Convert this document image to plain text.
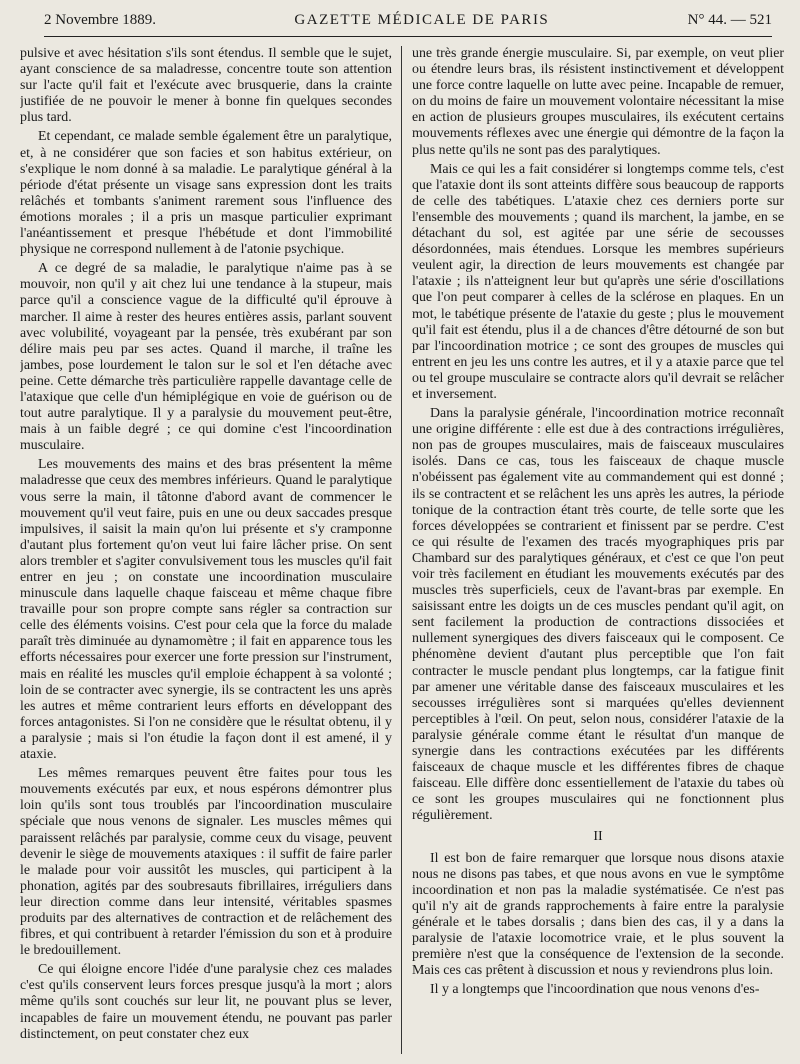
2 Novembre 1889.	GAZETTE MÉDICALE DE PARIS	N° 44. — 521

pulsive et avec hésitation s'ils sont étendus. Il semble que le sujet, ayant conscience de sa maladresse, concentre toute son attention sur l'acte qu'il fait et l'exécute avec brusquerie, dans la crainte justifiée de ne pouvoir le mener à bonne fin quelques secondes plus tard.

Et cependant, ce malade semble également être un paralytique, et, à ne considérer que son facies et son habitus extérieur, on s'explique le nom donné à sa maladie. Le paralytique général à la période d'état présente un visage sans expression dont les traits relâchés et tombants s'animent rarement sous l'influence des émotions morales ; il a pris un masque particulier exprimant l'anéantissement et presque l'hébétude et dont l'immobilité physique ne correspond nullement à de l'atonie psychique.

A ce degré de sa maladie, le paralytique n'aime pas à se mouvoir, non qu'il y ait chez lui une tendance à la stupeur, mais parce qu'il a conscience vague de la difficulté qu'il éprouve à marcher. Il aime à rester des heures entières assis, parlant souvent avec volubilité, voyageant par la pensée, très exubérant par son délire mais peu par ses actes. Quand il marche, il traîne les jambes, pose lourdement le talon sur le sol et l'en détache avec peine. Cette démarche très particulière rappelle davantage celle de l'ataxique que celle d'un hémiplégique en voie de guérison ou de tout autre paralytique. Il y a paralysie du mouvement peut-être, mais à un faible degré ; ce qui domine c'est l'incoordination musculaire.

Les mouvements des mains et des bras présentent la même maladresse que ceux des membres inférieurs. Quand le paralytique vous serre la main, il tâtonne d'abord avant de commencer le mouvement qu'il veut faire, puis en une ou deux saccades presque impulsives, il saisit la main qu'on lui présente et s'y cramponne d'autant plus fortement qu'on veut lui faire lâcher prise. On sent alors trembler et s'agiter convulsivement tous les muscles qu'il fait entrer en jeu ; on constate une incoordination musculaire minuscule dans laquelle chaque faisceau et même chaque fibre travaille pour son propre compte sans régler sa contraction sur celle des éléments voisins. C'est pour cela que la force du malade paraît très diminuée au dynamomètre ; il fait en apparence tous les efforts nécessaires pour exercer une forte pression sur l'instrument, mais en réalité les muscles qu'il emploie échappent à sa volonté ; loin de se contracter avec synergie, ils se contractent les uns après les autres et même contrarient leurs efforts en développant des forces antagonistes. Si l'on ne considère que le résultat obtenu, il y a paralysie ; mais si l'on étudie la façon dont il est amené, il y ataxie.

Les mêmes remarques peuvent être faites pour tous les mouvements exécutés par eux, et nous espérons démontrer plus loin qu'ils sont tous troublés par l'incoordination musculaire spéciale que nous venons de signaler. Les muscles mêmes qui paraissent relâchés par paralysie, comme ceux du visage, peuvent devenir le siège de mouvements ataxiques : il suffit de faire parler le malade pour voir aussitôt les muscles, qui participent à la phonation, agités par des soubresauts fibrillaires, irréguliers dans leur direction comme dans leur intensité, véritables spasmes produits par des alternatives de contraction et de relâchement des fibres, et qui contribuent à retarder l'émission du son et à produire le bredouillement.

Ce qui éloigne encore l'idée d'une paralysie chez ces malades c'est qu'ils conservent leurs forces presque jusqu'à la mort ; alors même qu'ils sont couchés sur leur lit, ne pouvant plus se lever, incapables de faire un mouvement étendu, ne pouvant pas parler distinctement, on peut constater chez eux

une très grande énergie musculaire. Si, par exemple, on veut plier ou étendre leurs bras, ils résistent instinctivement et développent une force contre laquelle on lutte avec peine. Incapable de remuer, on du moins de faire un mouvement volontaire nécessitant la mise en action de plusieurs groupes musculaires, ils exécutent certains mouvements réflexes avec une énergie qui démontre de la façon la plus nette qu'ils ne sont pas des paralytiques.

Mais ce qui les a fait considérer si longtemps comme tels, c'est que l'ataxie dont ils sont atteints diffère sous beaucoup de rapports de celle des tabétiques. L'ataxie chez ces derniers porte sur l'ensemble des mouvements ; quand ils marchent, la jambe, en se détachant du sol, est agitée par une série de secousses désordonnées, mais étendues. Lorsque les membres supérieurs veulent agir, la direction de leurs mouvements est changée par l'ataxie ; ils n'atteignent leur but qu'après une série d'oscillations que l'on peut comparer à celles de la sclérose en plaques. En un mot, le tabétique présente de l'ataxie du geste ; plus le mouvement qu'il fait est étendu, plus il a de chances d'être détourné de son but par l'incoordination motrice ; ce sont des groupes de muscles qui entrent en jeu les uns contre les autres, et il y a ataxie parce que tel ou tel groupe musculaire se contracte alors qu'il devrait se relâcher et inversement.

Dans la paralysie générale, l'incoordination motrice reconnaît une origine différente : elle est due à des contractions irrégulières, non pas de groupes musculaires, mais de faisceaux musculaires isolés. Dans ce cas, tous les faisceaux de chaque muscle n'obéissent pas également vite au commandement qui est donné ; ils se contractent et se relâchent les uns après les autres, la période tonique de la contraction étant très courte, de telle sorte que les forces développées se contrarient et finissent par se perdre. C'est ce qui résulte de l'examen des tracés myographiques pris par Chambard sur des paralytiques généraux, et c'est ce que l'on peut voir très facilement en étudiant les mouvements exécutés par des muscles très superficiels, ceux de l'avant-bras par exemple. En saisissant entre les doigts un de ces muscles pendant qu'il agit, on sent facilement la production de contractions dissociées et nullement synergiques des divers faisceaux qui le composent. Ce phénomène devient d'autant plus perceptible que l'on fait contracter le muscle pendant plus longtemps, car la fatigue finit par amener une véritable danse des faisceaux musculaires et les secousses irrégulières sont si marquées qu'elles deviennent perceptibles à l'œil. On peut, selon nous, considérer l'ataxie de la paralysie générale comme étant le résultat d'un manque de synergie dans les contractions exécutées par les différents faisceaux de chaque muscle et les différentes fibres de chaque faisceau. Elle diffère donc essentiellement de l'ataxie du tabes où ce sont les groupes musculaires qui ne fonctionnent plus régulièrement.

II

Il est bon de faire remarquer que lorsque nous disons ataxie nous ne disons pas tabes, et que nous avons en vue le symptôme incoordination et non pas la maladie systématisée. Ce n'est pas qu'il n'y ait de grands rapprochements à faire entre la paralysie générale et le tabes dorsalis ; dans bien des cas, il y a dans la paralysie de l'ataxie locomotrice vraie, et le plus souvent la première n'est que la conséquence de l'extension de la seconde. Mais ces cas prêtent à discussion et nous y reviendrons plus loin.

Il y a longtemps que l'incoordination que nous venons d'es-
